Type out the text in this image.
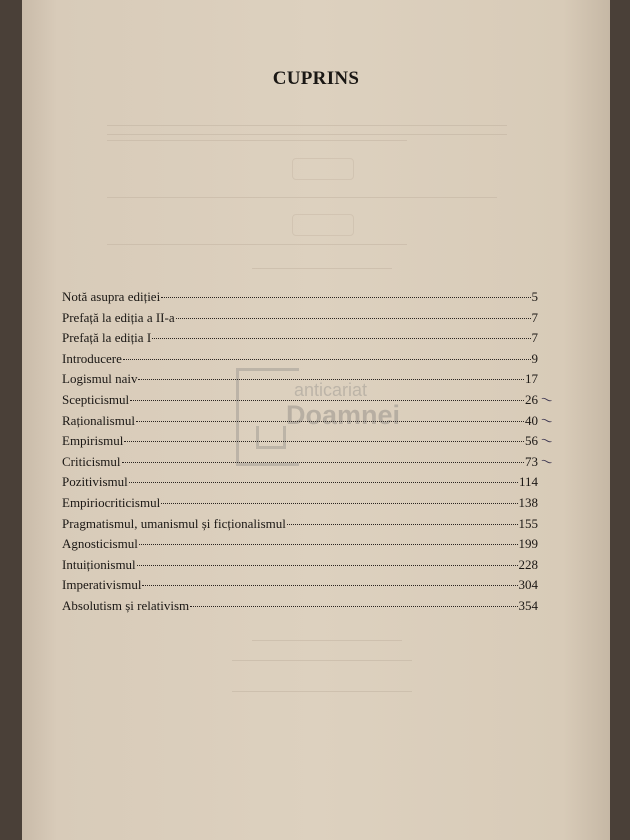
CUPRINS
anticariat
Doamnei
Notă asupra ediției	5
Prefață la ediția a II-a	7
Prefață la ediția I	7
Introducere	9
Logismul naiv	17
Scepticismul	26 ⁓
Raționalismul	40 ⁓
Empirismul	56 ⁓
Criticismul	73 ⁓
Pozitivismul	114
Empiriocriticismul	138
Pragmatismul, umanismul și ficționalismul	155
Agnosticismul	199
Intuiționismul	228
Imperativismul	304
Absolutism și relativism	354
